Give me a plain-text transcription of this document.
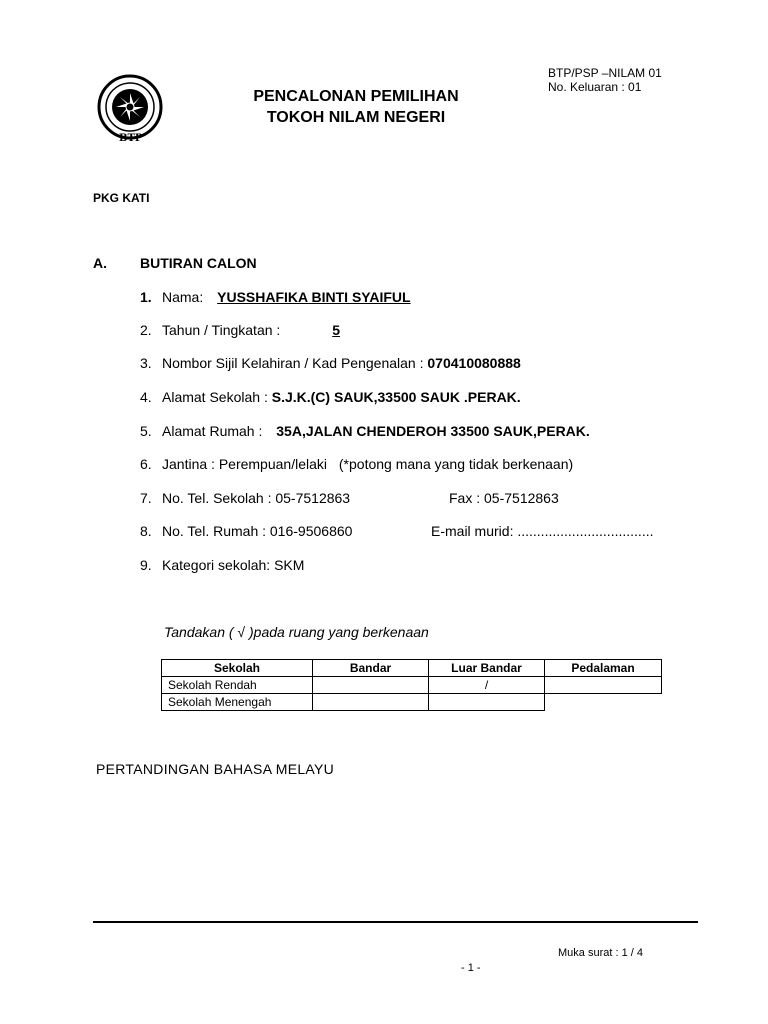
BTP/PSP –NILAM 01
No. Keluaran : 01
BTP
PENCALONAN PEMILIHAN
TOKOH NILAM NEGERI
PKG KATI
A. BUTIRAN CALON
1. Nama: YUSSHAFIKA BINTI SYAIFUL
2. Tahun / Tingkatan :	5
3. Nombor Sijil Kelahiran / Kad Pengenalan : 070410080888
4. Alamat Sekolah : S.J.K.(C) SAUK,33500 SAUK .PERAK.
5. Alamat Rumah : 35A,JALAN CHENDEROH 33500 SAUK,PERAK.
6. Jantina : Perempuan/lelaki (*potong mana yang tidak berkenaan)
7. No. Tel. Sekolah : 05-7512863	Fax : 05-7512863
8. No. Tel. Rumah : 016-9506860	E-mail murid: ...................................
9. Kategori sekolah: SKM
Tandakan ( √ )pada ruang yang berkenaan
Sekolah	Bandar	Luar Bandar	Pedalaman
Sekolah Rendah		/	
Sekolah Menengah			
PERTANDINGAN BAHASA MELAYU
Muka surat : 1 / 4
- 1 -
